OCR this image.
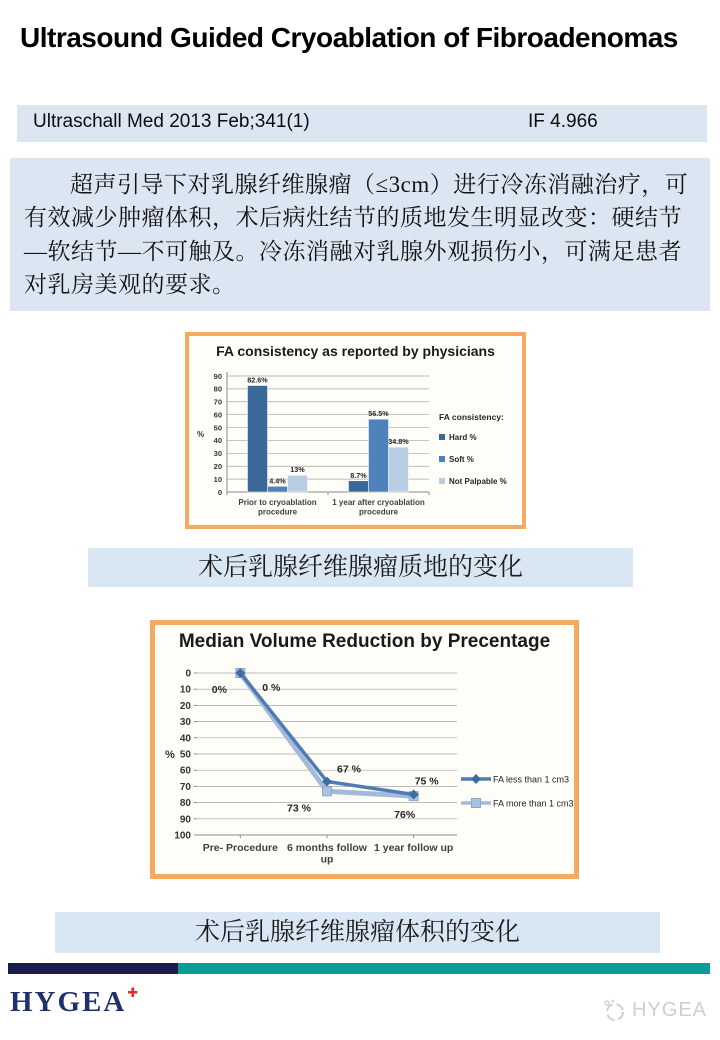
Ultrasound Guided Cryoablation of Fibroadenomas
Ultraschall Med 2013 Feb;341(1)	IF 4.966

超声引导下对乳腺纤维腺瘤（≤3cm）进行冷冻消融治疗，可有效减少肿瘤体积，术后病灶结节的质地发生明显改变：硬结节—软结节—不可触及。冷冻消融对乳腺外观损伤小，可满足患者对乳房美观的要求。

FA consistency as reported by physicians
0
10
20
30
40
50
60
70
80
90
%
82.6%
4.4%
13%
Prior to cryoablation procedure
8.7%
56.5%
34.8%
1 year after cryoablation procedure
FA consistency:
Hard %
Soft %
Not Palpable %
术后乳腺纤维腺瘤质地的变化
Median Volume Reduction by Precentage
0
10
20
30
40
50
60
70
80
90
100
%
Pre- Procedure 6 months follow up
1 year follow up
0 %
73 %
76%
0%
67 %
75 %	FA less than 1 cm3
FA more than 1 cm3
术后乳腺纤维腺瘤体积的变化
HYGEA✚
HYGEA
